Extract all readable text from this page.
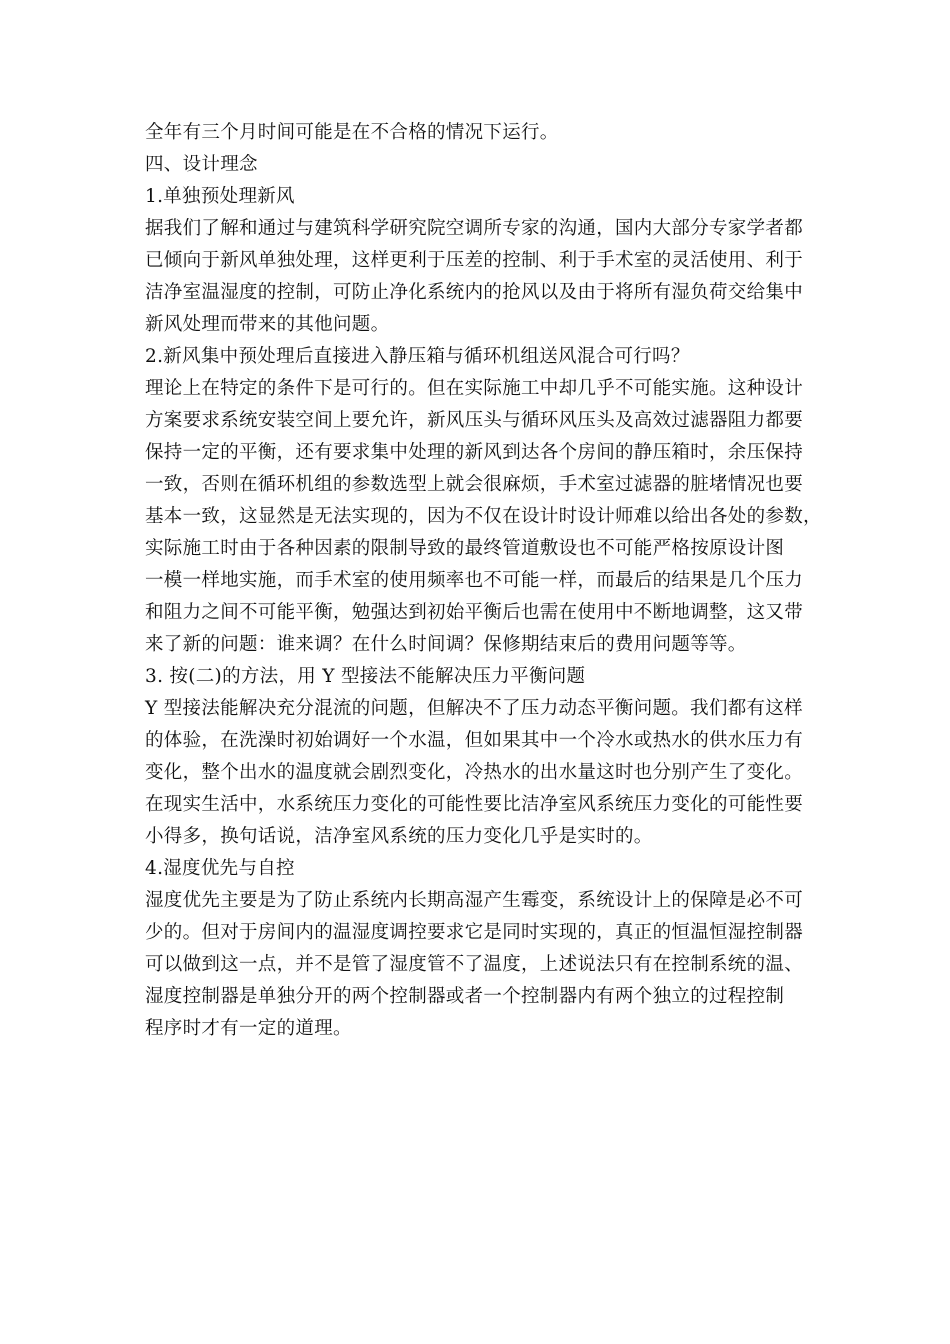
全年有三个月时间可能是在不合格的情况下运行。

四、设计理念

1.单独预处理新风

据我们了解和通过与建筑科学研究院空调所专家的沟通，国内大部分专家学者都

已倾向于新风单独处理，这样更利于压差的控制、利于手术室的灵活使用、利于

洁净室温湿度的控制，可防止净化系统内的抢风以及由于将所有湿负荷交给集中

新风处理而带来的其他问题。

2.新风集中预处理后直接进入静压箱与循环机组送风混合可行吗？

理论上在特定的条件下是可行的。但在实际施工中却几乎不可能实施。这种设计

方案要求系统安装空间上要允许，新风压头与循环风压头及高效过滤器阻力都要

保持一定的平衡，还有要求集中处理的新风到达各个房间的静压箱时，余压保持

一致，否则在循环机组的参数选型上就会很麻烦，手术室过滤器的脏堵情况也要

基本一致，这显然是无法实现的，因为不仅在设计时设计师难以给出各处的参数，

实际施工时由于各种因素的限制导致的最终管道敷设也不可能严格按原设计图

一模一样地实施，而手术室的使用频率也不可能一样，而最后的结果是几个压力

和阻力之间不可能平衡，勉强达到初始平衡后也需在使用中不断地调整，这又带

来了新的问题：谁来调？在什么时间调？保修期结束后的费用问题等等。

3. 按(二)的方法，用 Y 型接法不能解决压力平衡问题

Y 型接法能解决充分混流的问题，但解决不了压力动态平衡问题。我们都有这样

的体验，在洗澡时初始调好一个水温，但如果其中一个冷水或热水的供水压力有

变化，整个出水的温度就会剧烈变化，冷热水的出水量这时也分别产生了变化。

在现实生活中，水系统压力变化的可能性要比洁净室风系统压力变化的可能性要

小得多，换句话说，洁净室风系统的压力变化几乎是实时的。

4.湿度优先与自控

湿度优先主要是为了防止系统内长期高湿产生霉变，系统设计上的保障是必不可

少的。但对于房间内的温湿度调控要求它是同时实现的，真正的恒温恒湿控制器

可以做到这一点，并不是管了湿度管不了温度，上述说法只有在控制系统的温、

湿度控制器是单独分开的两个控制器或者一个控制器内有两个独立的过程控制

程序时才有一定的道理。
